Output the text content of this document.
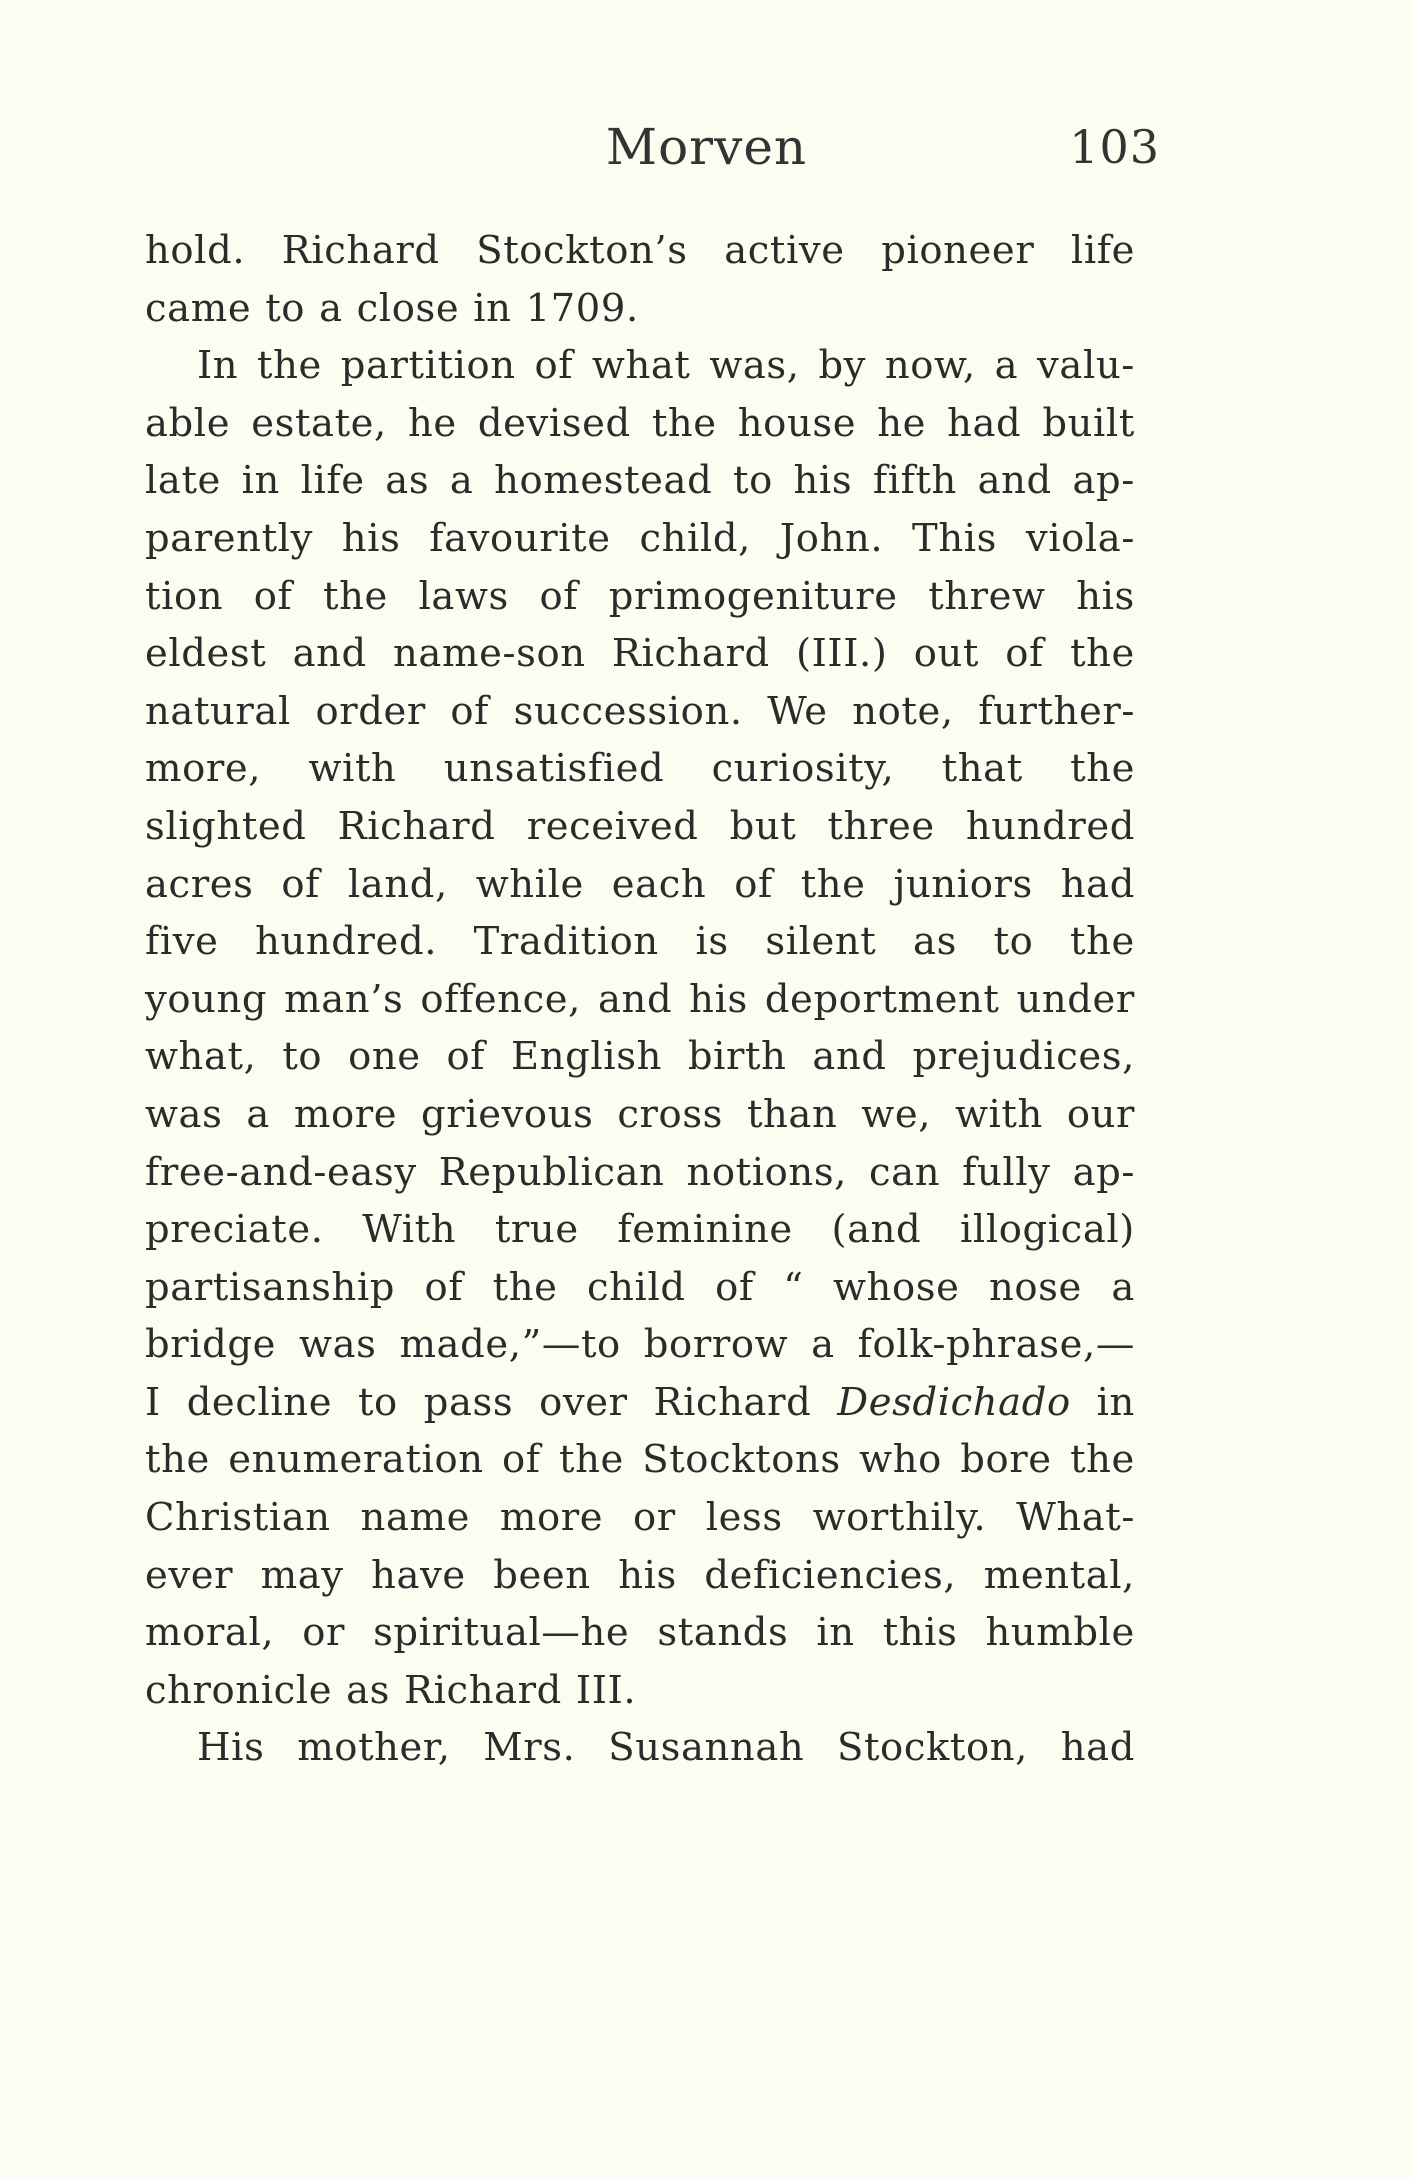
Morven	103
hold. Richard Stockton’s active pioneer life
came to a close in 1709.
In the partition of what was, by now, a valu-
able estate, he devised the house he had built
late in life as a homestead to his fifth and ap-
parently his favourite child, John. This viola-
tion of the laws of primogeniture threw his
eldest and name-son Richard (III.) out of the
natural order of succession. We note, further-
more, with unsatisfied curiosity, that the
slighted Richard received but three hundred
acres of land, while each of the juniors had
five hundred. Tradition is silent as to the
young man’s offence, and his deportment under
what, to one of English birth and prejudices,
was a more grievous cross than we, with our
free-and-easy Republican notions, can fully ap-
preciate. With true feminine (and illogical)
partisanship of the child of “ whose nose a
bridge was made,”—to borrow a folk-phrase,—
I decline to pass over Richard Desdichado in
the enumeration of the Stocktons who bore the
Christian name more or less worthily. What-
ever may have been his deficiencies, mental,
moral, or spiritual—he stands in this humble
chronicle as Richard III.
His mother, Mrs. Susannah Stockton, had
